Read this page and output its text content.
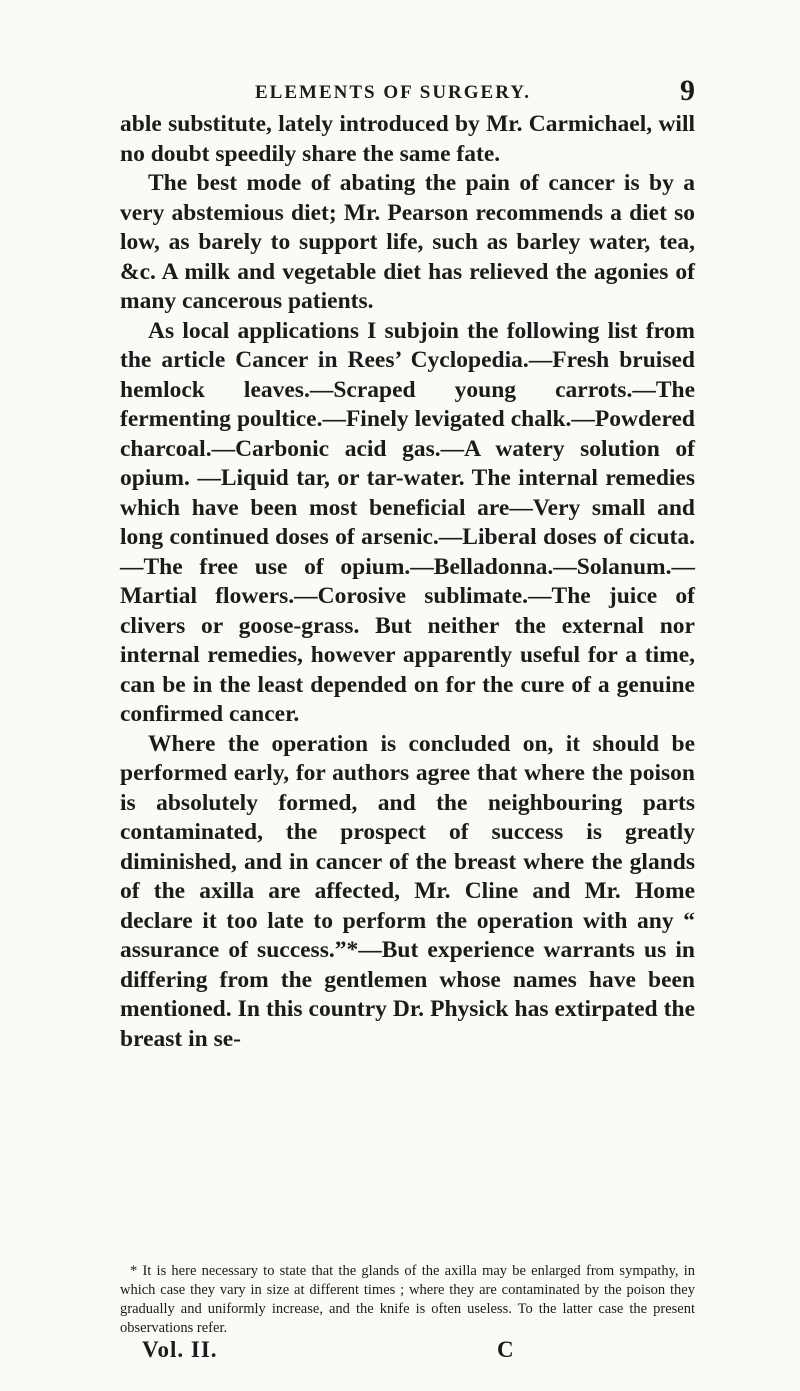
ELEMENTS OF SURGERY.	9

able substitute, lately introduced by Mr. Carmichael, will no doubt speedily share the same fate.

The best mode of abating the pain of cancer is by a very abstemious diet; Mr. Pearson recommends a diet so low, as barely to support life, such as barley water, tea, &c. A milk and vegetable diet has relieved the agonies of many cancerous patients.

As local applications I subjoin the following list from the article Cancer in Rees’ Cyclopedia.—Fresh bruised hemlock leaves.—Scraped young carrots.—The fermenting poultice.—Finely levigated chalk.—Powdered charcoal.—Carbonic acid gas.—A watery solution of opium. —Liquid tar, or tar-water. The internal remedies which have been most beneficial are—Very small and long continued doses of arsenic.—Liberal doses of cicuta. —The free use of opium.—Belladonna.—Solanum.— Martial flowers.—Corosive sublimate.—The juice of clivers or goose-grass. But neither the external nor internal remedies, however apparently useful for a time, can be in the least depended on for the cure of a genuine confirmed cancer.

Where the operation is concluded on, it should be performed early, for authors agree that where the poison is absolutely formed, and the neighbouring parts contaminated, the prospect of success is greatly diminished, and in cancer of the breast where the glands of the axilla are affected, Mr. Cline and Mr. Home declare it too late to perform the operation with any “ assurance of success.”*—But experience warrants us in differing from the gentlemen whose names have been mentioned. In this country Dr. Physick has extirpated the breast in se-

* It is here necessary to state that the glands of the axilla may be enlarged from sympathy, in which case they vary in size at different times ; where they are contaminated by the poison they gradually and uniformly increase, and the knife is often useless. To the latter case the present observations refer.

Vol. II.	C
